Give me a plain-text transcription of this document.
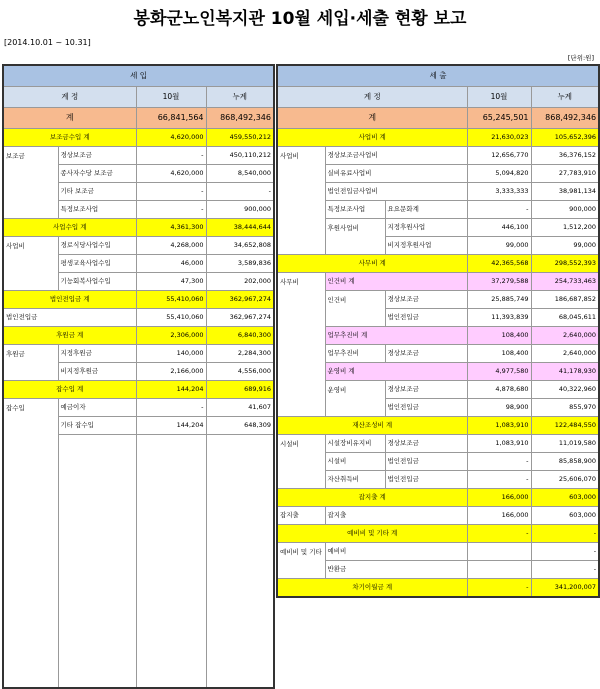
봉화군노인복지관 10월 세입·세출 현황 보고
[2014.10.01 ~ 10.31]
[단위:원]
세 입			
계 정		10월	누계
계		66,841,564	868,492,346
보조금수입 계		4,620,000	459,550,212
보조금	경상보조금	-	450,110,212
	종사자수당 보조금	4,620,000	8,540,000
	기타 보조금	-	-
	특정보조사업	-	900,000
사업수입 계		4,361,300	38,444,644
사업비	경로식당사업수입	4,268,000	34,652,808
	평생교육사업수입	46,000	3,589,836
	기능회복사업수입	47,300	202,000
법인전입금 계		55,410,060	362,967,274
법인전입금		55,410,060	362,967,274
후원금 계		2,306,000	6,840,300
후원금	지정후원금	140,000	2,284,300
	비지정후원금	2,166,000	4,556,000
잡수입 계		144,204	689,916
잡수입	예금이자	-	41,607
	기타 잡수입	144,204	648,309

세 출				
계 정			10월	누계
계			65,245,501	868,492,346
사업비 계			21,630,023	105,652,396
사업비	경상보조금사업비		12,656,770	36,376,152
	실비유료사업비		5,094,820	27,783,910
	법인전입금사업비		3,333,333	38,981,134
	특정보조사업	요요문화계	-	900,000
	후원사업비	지정후원사업	446,100	1,512,200
		비지정후원사업	99,000	99,000
사무비 계			42,365,568	298,552,393
사무비	인건비 계		37,279,588	254,733,463
	인건비	경상보조금	25,885,749	186,687,852
		법인전입금	11,393,839	68,045,611
	업무추진비 계		108,400	2,640,000
	업무추진비	경상보조금	108,400	2,640,000
	운영비 계		4,977,580	41,178,930
	운영비	경상보조금	4,878,680	40,322,960
		법인전입금	98,900	855,970
재산조성비 계			1,083,910	122,484,550
시설비	시설장비유지비	경상보조금	1,083,910	11,019,580
	시설비	법인전입금	-	85,858,900
	자산취득비	법인전입금	-	25,606,070
잡지출 계			166,000	603,000
잡지출	잡지출		166,000	603,000
예비비 및 기타 계			-	-
예비비 및 기타	예비비			-
	반환금			-
차기이월금 계			-	341,200,007
